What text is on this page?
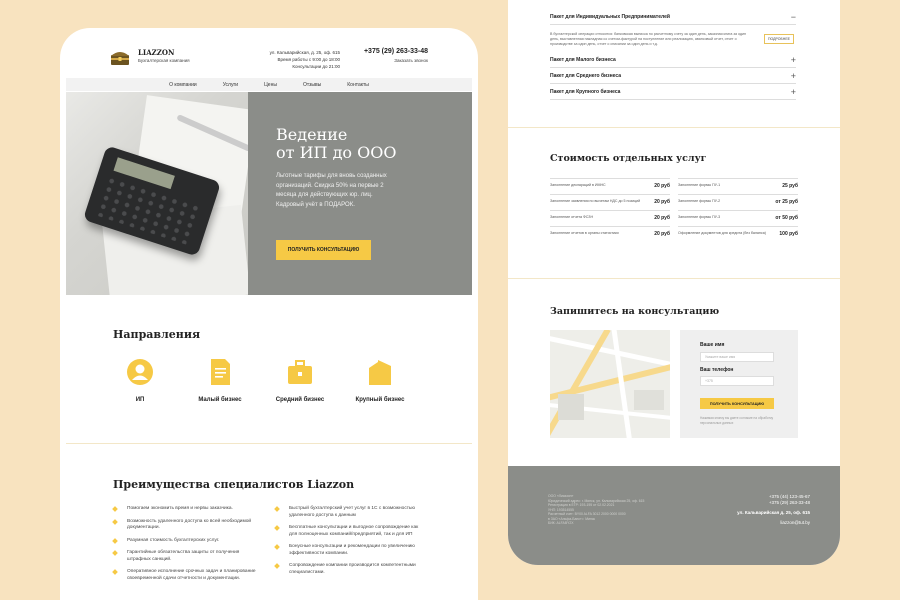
LIAZZON
Бухгалтерская компания
ул. Кальварийская, д. 25, оф. 615
Время работы с 9:00 до 18:00
Консультации до 21:00
+375 (29) 263-33-48
Заказать звонок
О компании	Услуги	Цены	Отзывы	Контакты
Ведение
от ИП до ООО
Льготные тарифы для вновь созданных организаций. Скидка 50% на первые 2 месяца для действующих юр. лиц. Кадровый учёт в ПОДАРОК.
ПОЛУЧИТЬ КОНСУЛЬТАЦИЮ
Направления
ИП	Малый бизнес	Средний бизнес	Крупный бизнес
Преимущества специалистов Liazzon
Помогаем экономить время и нервы заказчика.
Возможность удаленного доступа ко всей необходимой документации.
Разумная стоимость бухгалтерских услуг.
Гарантийные обязательства защиты от получения штрафных санкций.
Оперативное исполнение срочных задач и планирование своевременной сдачи отчетности и документации.
Быстрый бухгалтерский учет услуг в 1С с возможностью удаленного доступа к данным
Бесплатные консультации и выгодное сопровождение как для полноценных компаний/предприятий, так и для ИП
Бонусные консультации и рекомендации по увеличению эффективности компании.
Сопровождение компании производится компетентными специалистами.
Пакет для Индивидуальных Предпринимателей	−
В бухгалтерской операции относится: банковская выписка по расчетному счету за один день, заказная книга за один день, выставленная накладная со счетом-фактурой на поступление или реализацию, авансовый отчет, отчет о производстве за один день, отчет о списании за один день и т.д.
ПОДРОБНЕЕ
Пакет для Малого бизнеса	+
Пакет для Среднего бизнеса	+
Пакет для Крупного бизнеса	+
Стоимость отдельных услуг
Заполнение деклараций в ИМНС	20 руб
Заполнение заявления по вычетам НДС до 5 позиций	20 руб
Заполнение отчета ФСЗН	20 руб
Заполнение отчетов в органы статистики	20 руб
Заполнение формы ПУ-1	25 руб
Заполнение формы ПУ-2	от 25 руб
Заполнение формы ПУ-3	от 50 руб
Оформление документов для кредита (без баланса)	100 руб
Запишитесь на консультацию
Ваше имя
Укажите ваше имя
Ваш телефон
+375
ПОЛУЧИТЬ КОНСУЛЬТАЦИЮ
Нажимая кнопку вы даете согласие на обработку персональных данных
ООО «Лиаззон»
Юридический адрес: г. Минск, ул. Кальварийская 25, оф. 615
Регистрация в ЕГР: 193-195 от 02.02.2021
УНП: 193514555
Расчетный счет: BY00 ALFA 3012 2000 0000 0000
в ЗАО «Альфа-Банк» г. Минск
БИК: ALFABY2X
+375 (44) 123-45-67
+375 (29) 263-33-48
ул. Кальварийская д. 25, оф. 615
liazzon@tut.by
